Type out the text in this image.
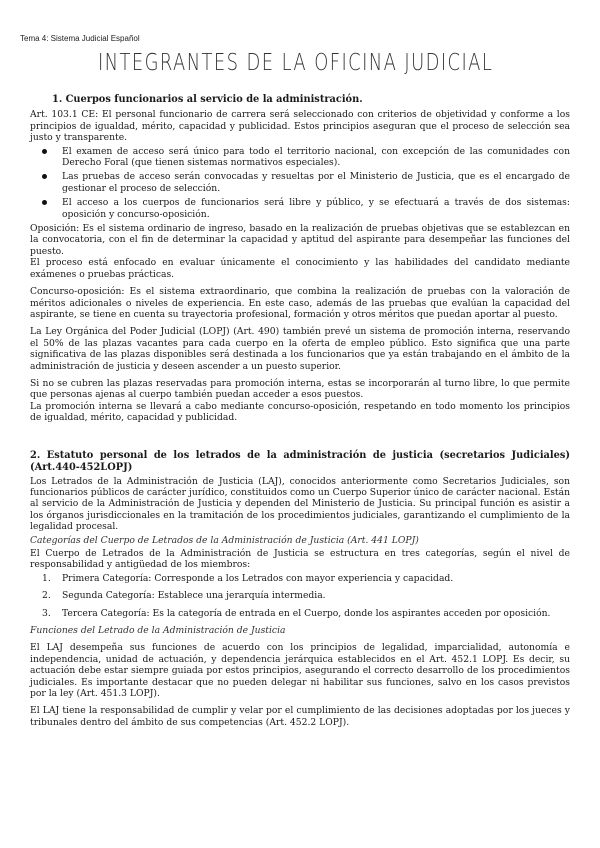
Tema 4: Sistema Judicial Español
INTEGRANTES DE LA OFICINA JUDICIAL
1. Cuerpos funcionarios al servicio de la administración.

Art. 103.1 CE: El personal funcionario de carrera será seleccionado con criterios de objetividad y conforme a los principios de igualdad, mérito, capacidad y publicidad. Estos principios aseguran que el proceso de selección sea justo y transparente.

El examen de acceso será único para todo el territorio nacional, con excepción de las comunidades con Derecho Foral (que tienen sistemas normativos especiales).
Las pruebas de acceso serán convocadas y resueltas por el Ministerio de Justicia, que es el encargado de gestionar el proceso de selección.
El acceso a los cuerpos de funcionarios será libre y público, y se efectuará a través de dos sistemas: oposición y concurso-oposición.

Oposición: Es el sistema ordinario de ingreso, basado en la realización de pruebas objetivas que se establezcan en la convocatoria, con el fin de determinar la capacidad y aptitud del aspirante para desempeñar las funciones del puesto.

El proceso está enfocado en evaluar únicamente el conocimiento y las habilidades del candidato mediante exámenes o pruebas prácticas.

Concurso-oposición: Es el sistema extraordinario, que combina la realización de pruebas con la valoración de méritos adicionales o niveles de experiencia. En este caso, además de las pruebas que evalúan la capacidad del aspirante, se tiene en cuenta su trayectoria profesional, formación y otros méritos que puedan aportar al puesto.

La Ley Orgánica del Poder Judicial (LOPJ) (Art. 490) también prevé un sistema de promoción interna, reservando el 50% de las plazas vacantes para cada cuerpo en la oferta de empleo público. Esto significa que una parte significativa de las plazas disponibles será destinada a los funcionarios que ya están trabajando en el ámbito de la administración de justicia y deseen ascender a un puesto superior.

Si no se cubren las plazas reservadas para promoción interna, estas se incorporarán al turno libre, lo que permite que personas ajenas al cuerpo también puedan acceder a esos puestos.

La promoción interna se llevará a cabo mediante concurso-oposición, respetando en todo momento los principios de igualdad, mérito, capacidad y publicidad.

2. Estatuto personal de los letrados de la administración de justicia (secretarios Judiciales) (Art.440-452LOPJ)

Los Letrados de la Administración de Justicia (LAJ), conocidos anteriormente como Secretarios Judiciales, son funcionarios públicos de carácter jurídico, constituidos como un Cuerpo Superior único de carácter nacional. Están al servicio de la Administración de Justicia y dependen del Ministerio de Justicia. Su principal función es asistir a los órganos jurisdiccionales en la tramitación de los procedimientos judiciales, garantizando el cumplimiento de la legalidad procesal.

Categorías del Cuerpo de Letrados de la Administración de Justicia (Art. 441 LOPJ)

El Cuerpo de Letrados de la Administración de Justicia se estructura en tres categorías, según el nivel de responsabilidad y antigüedad de los miembros:

1. Primera Categoría: Corresponde a los Letrados con mayor experiencia y capacidad.
2. Segunda Categoría: Establece una jerarquía intermedia.
3. Tercera Categoría: Es la categoría de entrada en el Cuerpo, donde los aspirantes acceden por oposición.
Funciones del Letrado de la Administración de Justicia

El LAJ desempeña sus funciones de acuerdo con los principios de legalidad, imparcialidad, autonomía e independencia, unidad de actuación, y dependencia jerárquica establecidos en el Art. 452.1 LOPJ. Es decir, su actuación debe estar siempre guiada por estos principios, asegurando el correcto desarrollo de los procedimientos judiciales. Es importante destacar que no pueden delegar ni habilitar sus funciones, salvo en los casos previstos por la ley (Art. 451.3 LOPJ).

El LAJ tiene la responsabilidad de cumplir y velar por el cumplimiento de las decisiones adoptadas por los jueces y tribunales dentro del ámbito de sus competencias (Art. 452.2 LOPJ).
